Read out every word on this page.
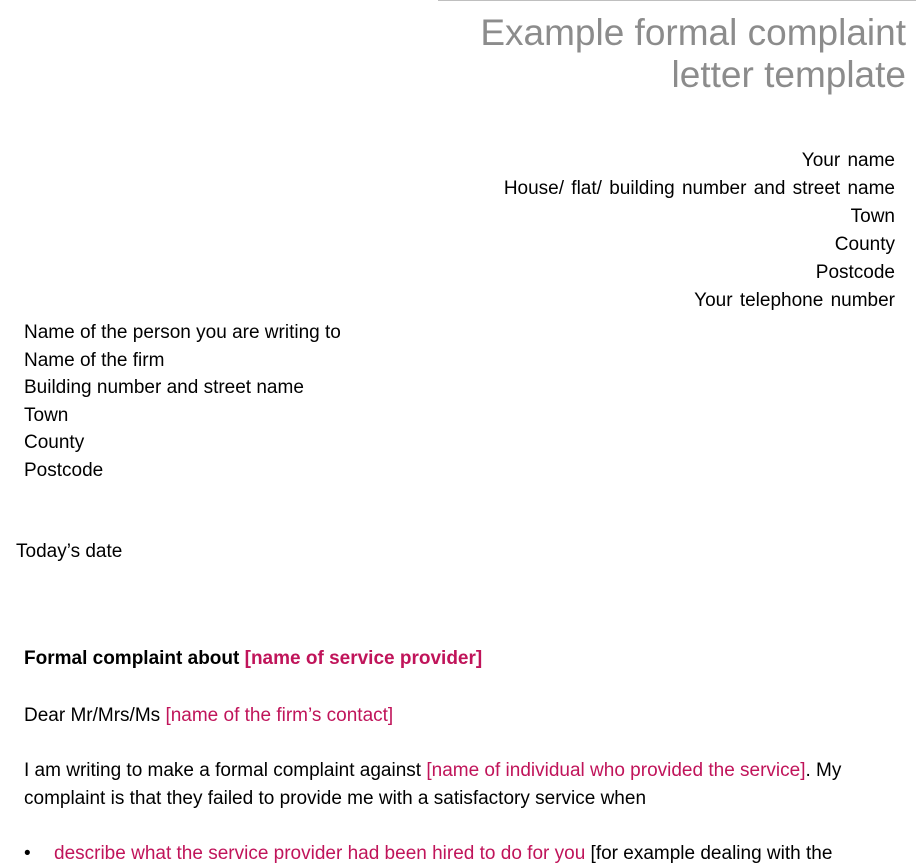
Example formal complaint
letter template
Your name
House/ flat/ building number and street name
Town
County
Postcode
Your telephone number
Name of the person you are writing to
Name of the firm
Building number and street name
Town
County
Postcode
Today’s date
Formal complaint about [name of service provider]
Dear Mr/Mrs/Ms [name of the firm’s contact]
I am writing to make a formal complaint against [name of individual who provided the service]. My
complaint is that they failed to provide me with a satisfactory service when
• describe what the service provider had been hired to do for you [for example dealing with the
